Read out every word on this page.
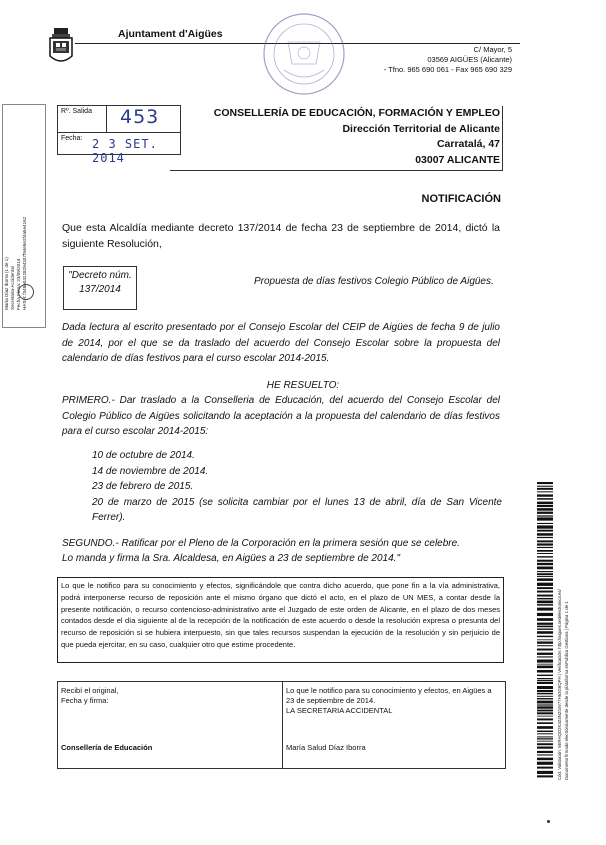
Ajuntament d'Aigües
C/ Mayor, 5
03569 AIGÜES (Alicante)
- Tfno. 965 690 061 - Fax 965 690 329
María Díaz Iborra (1 de 1) Secretaria-Accidental Fecha Firma: 23/09/2014 HASH: f348b04228294337f94e8e2f4a5e4162
Rº. Salida 453
Fecha: 2 3 SET. 2014
CONSELLERÍA DE EDUCACIÓN, FORMACIÓN Y EMPLEO
Dirección Territorial de Alicante
Carratalá, 47
03007 ALICANTE
NOTIFICACIÓN
Que esta Alcaldía mediante decreto 137/2014 de fecha 23 de septiembre de 2014, dictó la siguiente Resolución,
"Decreto núm.
137/2014
Propuesta de días festivos Colegio Público de Aigües.
Dada lectura al escrito presentado por el Consejo Escolar del CEIP de Aigües de fecha 9 de julio de 2014, por el que se da traslado del acuerdo del Consejo Escolar sobre la propuesta del calendario de días festivos para el curso escolar 2014-2015.
HE RESUELTO:
PRIMERO.- Dar traslado a la Conselleria de Educación, del acuerdo del Consejo Escolar del Colegio Público de Aigües solicitando la aceptación a la propuesta del calendario de días festivos para el curso escolar 2014-2015:
10 de octubre de 2014.
14 de noviembre de 2014.
23 de febrero de 2015.
20 de marzo de 2015 (se solicita cambiar por el lunes 13 de abril, día de San Vicente Ferrer).
SEGUNDO.- Ratificar por el Pleno de la Corporación en la primera sesión que se celebre.
Lo manda y firma la Sra. Alcaldesa, en Aigües a 23 de septiembre de 2014."
Lo que le notifico para su conocimiento y efectos, significándole que contra dicho acuerdo, que pone fin a la vía administrativa, podrá interponerse recurso de reposición ante el mismo órgano que dictó el acto, en el plazo de UN MES, a contar desde la presente notificación, o recurso contencioso-administrativo ante el Juzgado de este orden de Alicante, en el plazo de dos meses contados desde el día siguiente al de la recepción de la notificación de este acuerdo o desde la resolución expresa o presunta del recurso de reposición si se hubiera interpuesto, sin que tales recursos suspendan la ejecución de la resolución y sin perjuicio de que pueda ejercitar, en su caso, cualquier otro que estime procedente.
Recibí el original,
Fecha y firma:
Consellería de Educación
Lo que le notifico para su conocimiento y efectos, en Aigües a 23 de septiembre de 2014.
LA SECRETARIA ACCIDENTAL
María Salud Díaz Iborra	Cód. Validación: 5ERHQD2K3Z4NZGW77H63G6QPH | Verificación: http://aigues.sedelectronica.es/ Documento firmado electrónicamente desde la plataforma esPublico Gestiona | Página 1 de 1
